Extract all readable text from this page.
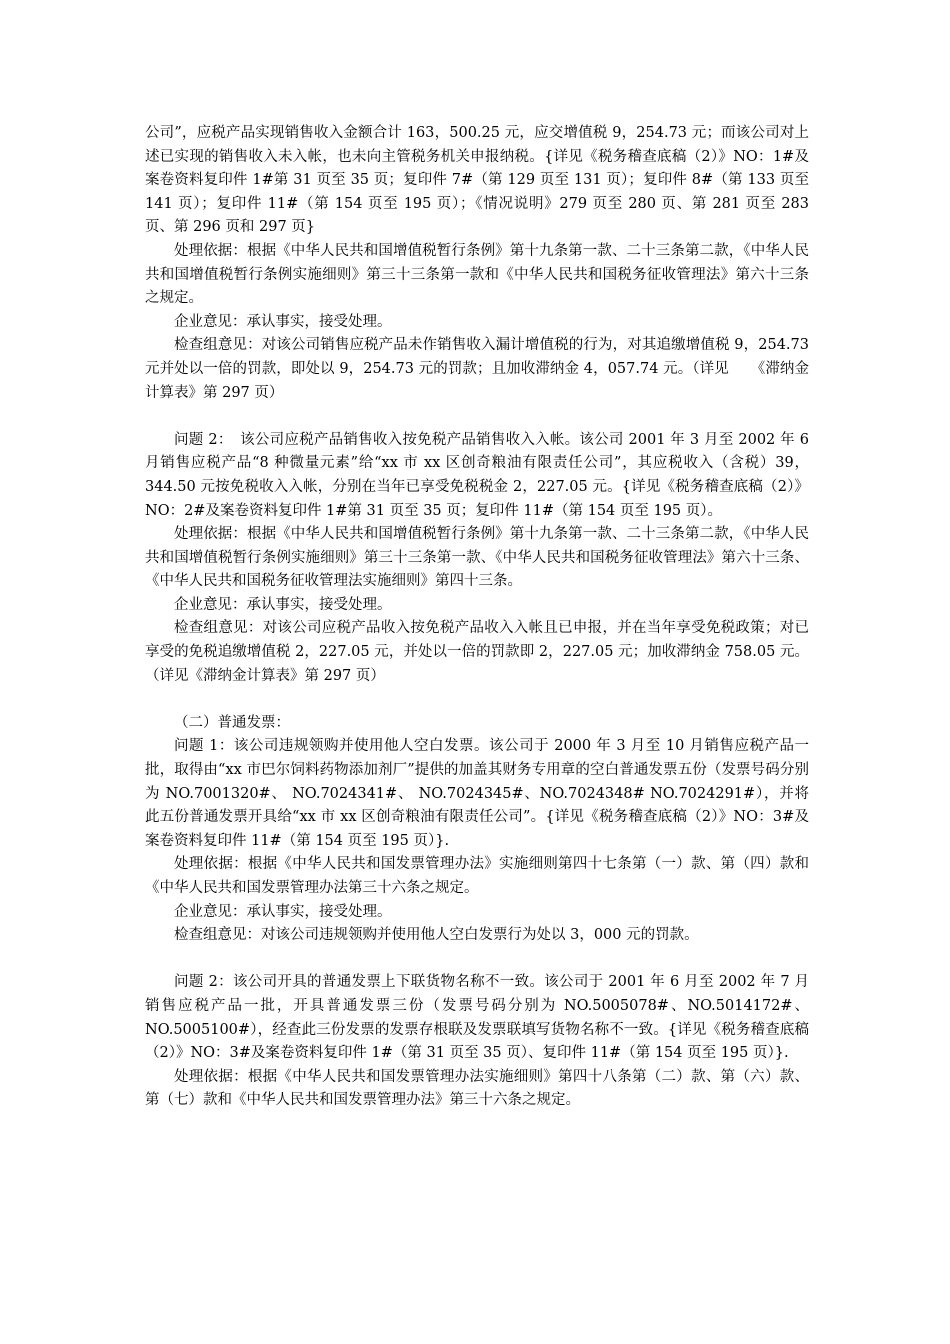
公司”，应税产品实现销售收入金额合计 163，500.25 元，应交增值税 9，254.73 元；而该公司对上述已实现的销售收入未入帐，也未向主管税务机关申报纳税。{详见《税务稽查底稿（2）》NO：1#及案卷资料复印件 1#第 31 页至 35 页；复印件 7#（第 129 页至 131 页）；复印件 8#（第 133 页至 141 页）；复印件 11#（第 154 页至 195 页）；《情况说明》279 页至 280 页、第 281 页至 283 页、第 296 页和 297 页}

处理依据：根据《中华人民共和国增值税暂行条例》第十九条第一款、二十三条第二款，《中华人民共和国增值税暂行条例实施细则》第三十三条第一款和《中华人民共和国税务征收管理法》第六十三条之规定。

企业意见：承认事实，接受处理。

检查组意见：对该公司销售应税产品未作销售收入漏计增值税的行为，对其追缴增值税 9，254.73 元并处以一倍的罚款，即处以 9，254.73 元的罚款；且加收滞纳金 4，057.74 元。（详见　　《滞纳金计算表》第 297 页）

问题 2：　该公司应税产品销售收入按免税产品销售收入入帐。该公司 2001 年 3 月至 2002 年 6 月销售应税产品“8 种微量元素”给“xx 市 xx 区创奇粮油有限责任公司”，其应税收入（含税）39，344.50 元按免税收入入帐，分别在当年已享受免税税金 2，227.05 元。{详见《税务稽查底稿（2）》NO：2#及案卷资料复印件 1#第 31 页至 35 页；复印件 11#（第 154 页至 195 页）。

处理依据：根据《中华人民共和国增值税暂行条例》第十九条第一款、二十三条第二款，《中华人民共和国增值税暂行条例实施细则》第三十三条第一款、《中华人民共和国税务征收管理法》第六十三条、《中华人民共和国税务征收管理法实施细则》第四十三条。

企业意见：承认事实，接受处理。

检查组意见：对该公司应税产品收入按免税产品收入入帐且已申报，并在当年享受免税政策；对已享受的免税追缴增值税 2，227.05 元，并处以一倍的罚款即 2，227.05 元；加收滞纳金 758.05 元。（详见《滞纳金计算表》第 297 页）

（二）普通发票：

问题 1：该公司违规领购并使用他人空白发票。该公司于 2000 年 3 月至 10 月销售应税产品一批，取得由“xx 市巴尔饲料药物添加剂厂”提供的加盖其财务专用章的空白普通发票五份（发票号码分别为 NO.7001320#、 NO.7024341#、 NO.7024345#、NO.7024348# NO.7024291#），并将此五份普通发票开具给“xx 市 xx 区创奇粮油有限责任公司”。{详见《税务稽查底稿（2）》NO：3#及案卷资料复印件 11#（第 154 页至 195 页）}.

处理依据：根据《中华人民共和国发票管理办法》实施细则第四十七条第（一）款、第（四）款和《中华人民共和国发票管理办法第三十六条之规定。

企业意见：承认事实，接受处理。

检查组意见：对该公司违规领购并使用他人空白发票行为处以 3，000 元的罚款。

问题 2：该公司开具的普通发票上下联货物名称不一致。该公司于 2001 年 6 月至 2002 年 7 月销售应税产品一批，开具普通发票三份（发票号码分别为 NO.5005078#、NO.5014172#、NO.5005100#），经查此三份发票的发票存根联及发票联填写货物名称不一致。{详见《税务稽查底稿（2）》NO：3#及案卷资料复印件 1#（第 31 页至 35 页）、复印件 11#（第 154 页至 195 页）}.

处理依据：根据《中华人民共和国发票管理办法实施细则》第四十八条第（二）款、第（六）款、第（七）款和《中华人民共和国发票管理办法》第三十六条之规定。
